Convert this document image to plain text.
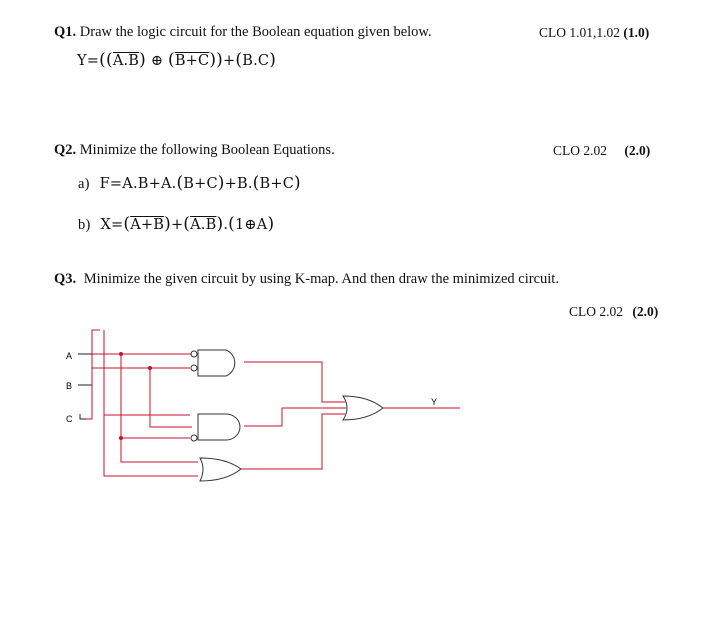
Q1. Draw the logic circuit for the Boolean equation given below.	CLO 1.01,1.02 (1.0)
Y=((A.B) ⊕ (B+C))+(B.C)
Q2. Minimize the following Boolean Equations.	CLO 2.02 (2.0)
a) F=A.B+A.(B+C)+B.(B+C)
b) X=(A+B)+(A.B).(1⊕A)
Q3. Minimize the given circuit by using K-map. And then draw the minimized circuit.
CLO 2.02 (2.0)
A
B
C
Y
